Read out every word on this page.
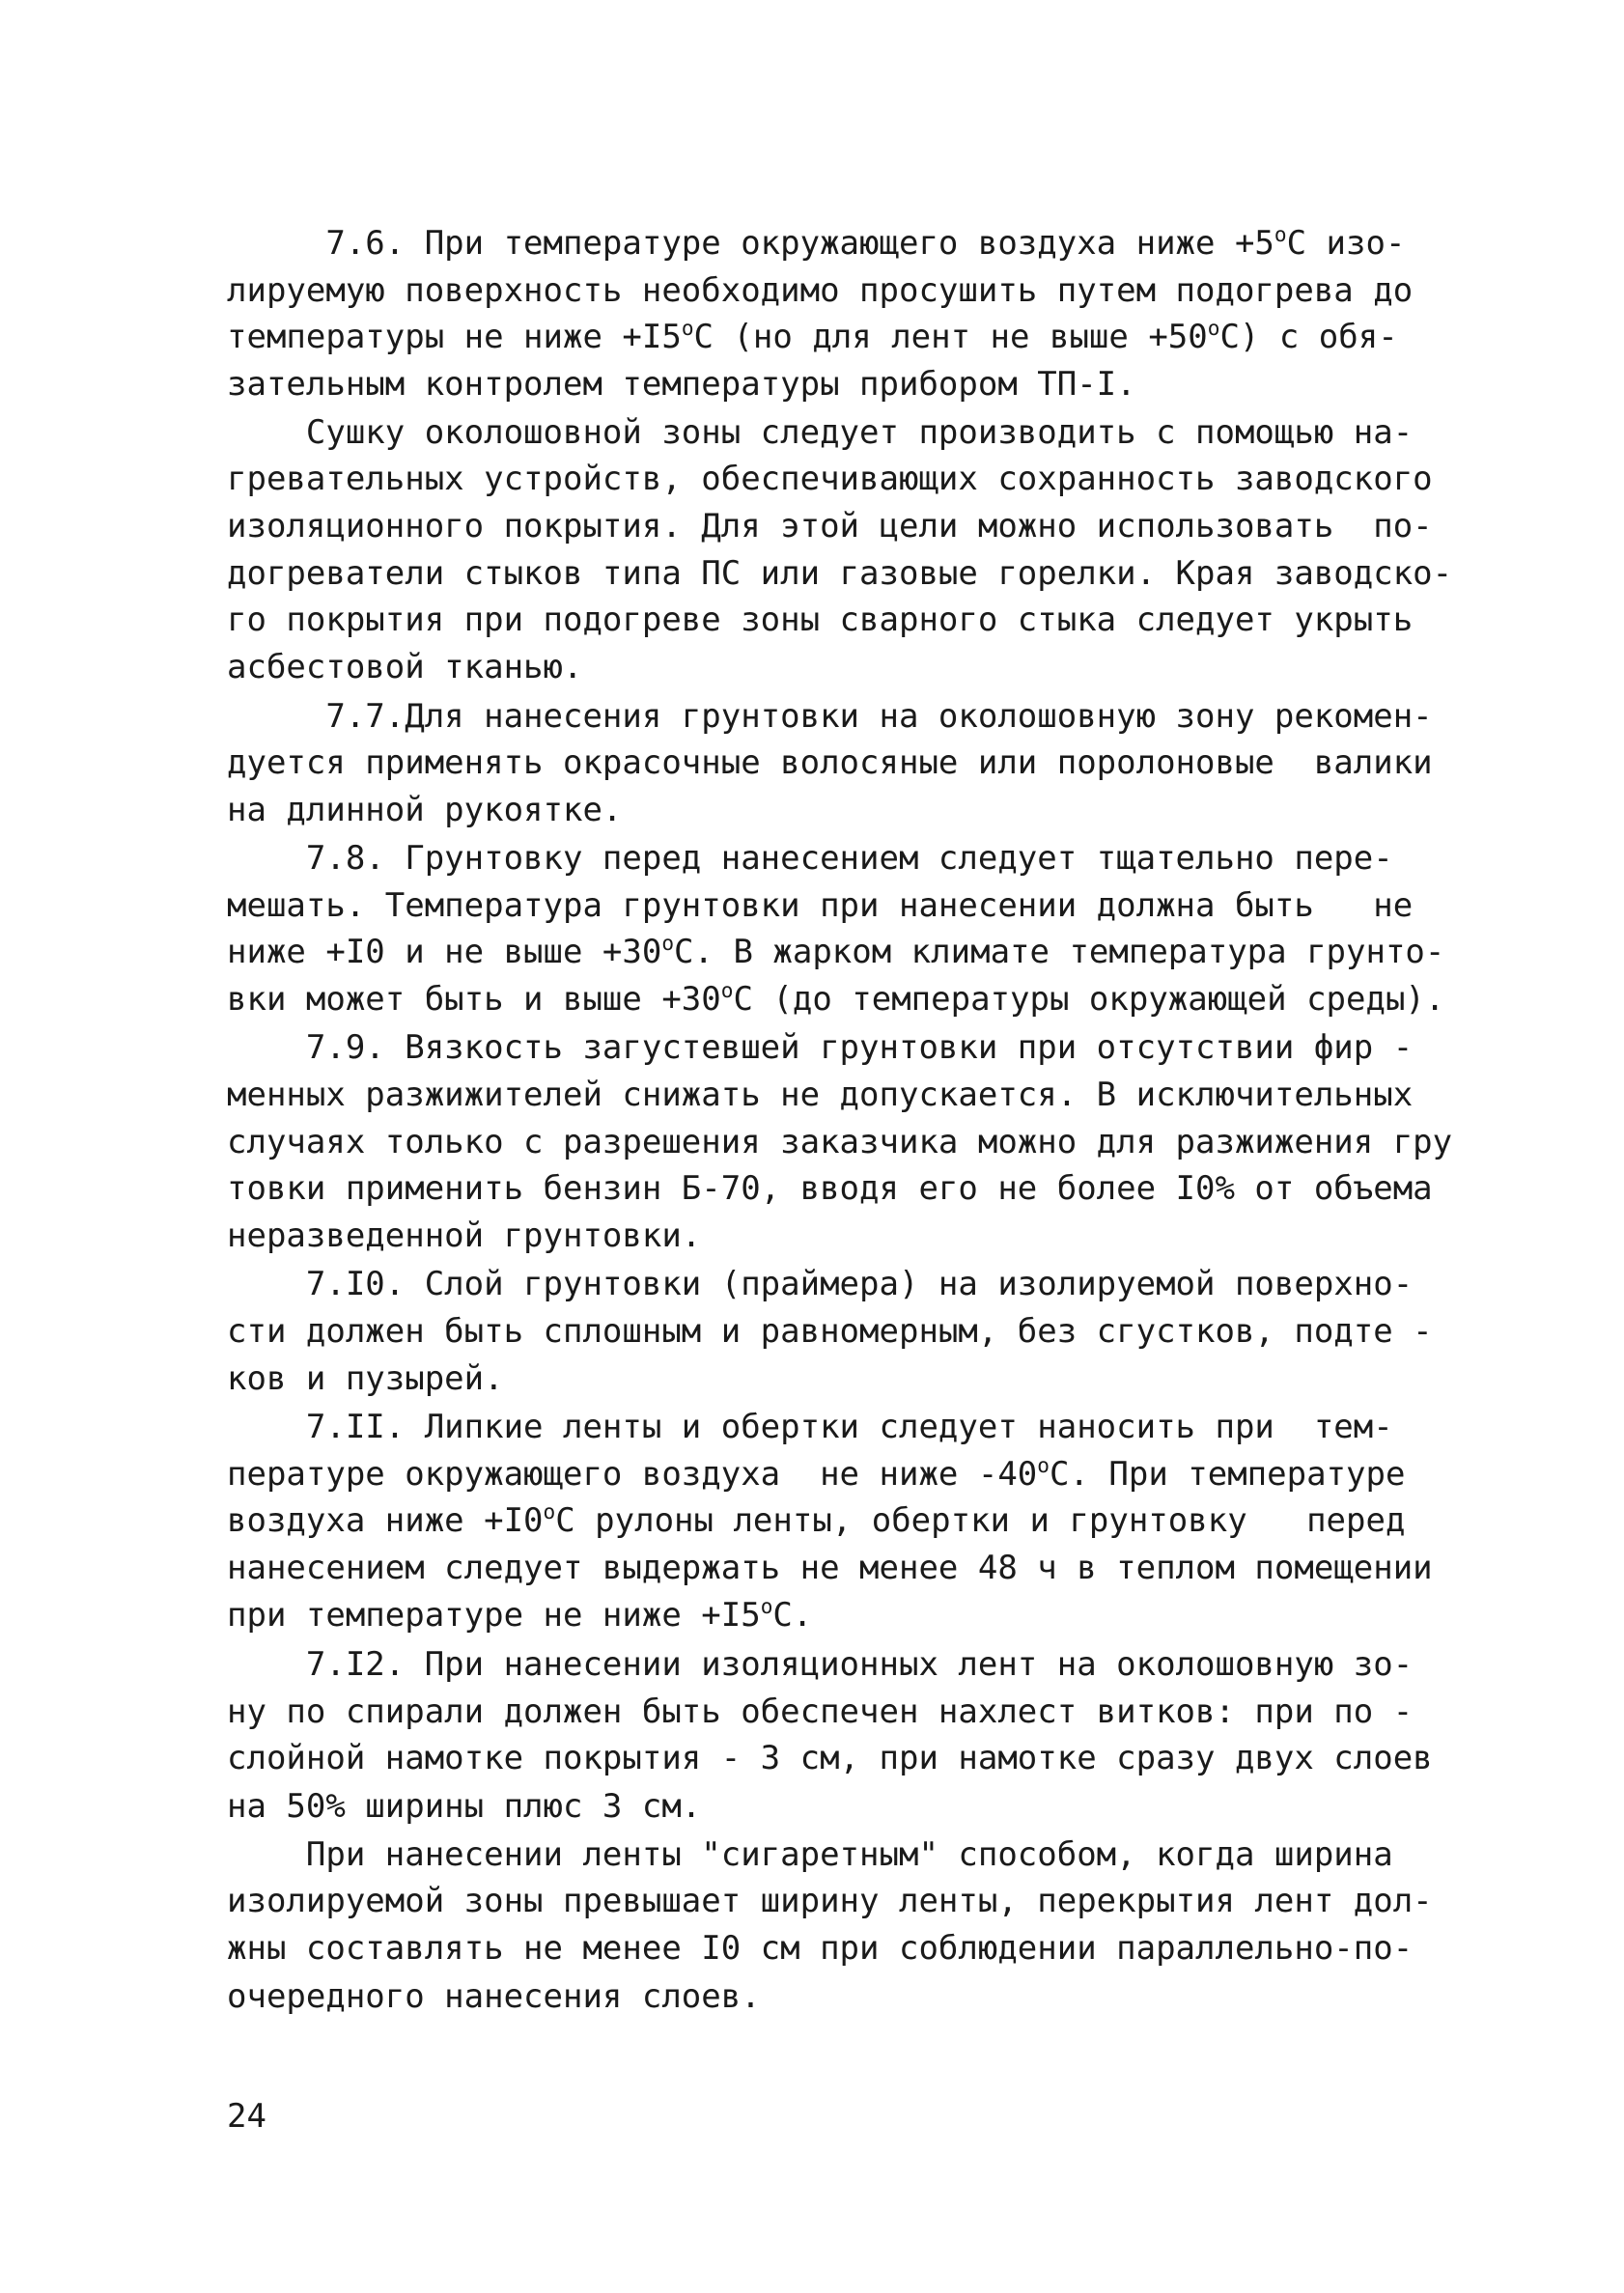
7.6. При температуре окружающего воздуха ниже $+5^оС$ изо-

лируемую поверхность необходимо просушить путем подогрева до

температуры не ниже $+I5^оС$ (но для лент не выше $+50^оС$) с обя-

зательным контролем температуры прибором ТП-I.

Сушку околошовной зоны следует производить с помощью на-

гревательных устройств, обеспечивающих сохранность заводского

изоляционного покрытия. Для этой цели можно использовать  по-

догреватели стыков типа ПС или газовые горелки. Края заводско-

го покрытия при подогреве зоны сварного стыка следует укрыть

асбестовой тканью.

7.7.Для нанесения грунтовки на околошовную зону рекомен-

дуется применять окрасочные волосяные или поролоновые  валики

на длинной рукоятке.

7.8. Грунтовку перед нанесением следует тщательно пере-

мешать. Температура грунтовки при нанесении должна быть   не

ниже +I0 и не выше $+30^оС$. В жарком климате температура грунто-

вки может быть и выше $+30^оС$ (до температуры окружающей среды).

7.9. Вязкость загустевшей грунтовки при отсутствии фир -

менных разжижителей снижать не допускается. В исключительных

случаях только с разрешения заказчика можно для разжижения гру

товки применить бензин Б-70, вводя его не более I0% от объема

неразведенной грунтовки.

7.I0. Слой грунтовки (праймера) на изолируемой поверхно-

сти должен быть сплошным и равномерным, без сгустков, подте -

ков и пузырей.

7.II. Липкие ленты и обертки следует наносить при  тем-

пературе окружающего воздуха  не ниже $-40^оС$. При температуре

воздуха ниже $+I0^оС$ рулоны ленты, обертки и грунтовку   перед

нанесением следует выдержать не менее 48 ч в теплом помещении

при температуре не ниже $+I5^оС$.

7.I2. При нанесении изоляционных лент на околошовную зо-

ну по спирали должен быть обеспечен нахлест витков: при по -

слойной намотке покрытия - 3 см, при намотке сразу двух слоев

на 50% ширины плюс 3 см.

При нанесении ленты "сигаретным" способом, когда ширина

изолируемой зоны превышает ширину ленты, перекрытия лент дол-

жны составлять не менее I0 см при соблюдении параллельно-по-

очередного нанесения слоев.

24
